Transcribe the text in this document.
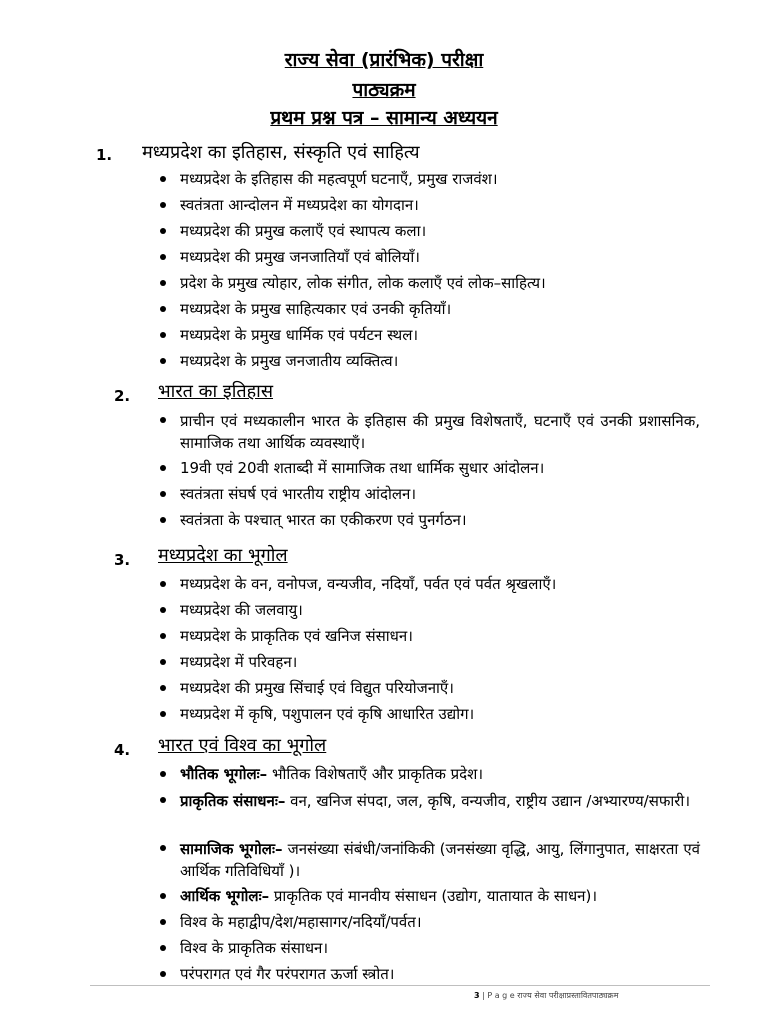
राज्य सेवा (प्रारंभिक) परीक्षा
पाठ्यक्रम
प्रथम प्रश्न पत्र – सामान्य अध्ययन
1. मध्यप्रदेश का इतिहास, संस्कृति एवं साहित्य
मध्यप्रदेश के इतिहास की महत्वपूर्ण घटनाएँ, प्रमुख राजवंश।
स्वतंत्रता आन्दोलन में मध्यप्रदेश का योगदान।
मध्यप्रदेश की प्रमुख कलाएँ एवं स्थापत्य कला।
मध्यप्रदेश की प्रमुख जनजातियाँ एवं बोलियाँ।
प्रदेश के प्रमुख त्योहार, लोक संगीत, लोक कलाएँ एवं लोक–साहित्य।
मध्यप्रदेश के प्रमुख साहित्यकार एवं उनकी कृतियाँ।
मध्यप्रदेश के प्रमुख धार्मिक एवं पर्यटन स्थल।
मध्यप्रदेश के प्रमुख जनजातीय व्यक्तित्व।
2. भारत का इतिहास
प्राचीन एवं मध्यकालीन भारत के इतिहास की प्रमुख विशेषताएँ, घटनाएँ एवं उनकी प्रशासनिक, सामाजिक तथा आर्थिक व्यवस्थाएँ।
19वी एवं 20वी शताब्दी में सामाजिक तथा धार्मिक सुधार आंदोलन।
स्वतंत्रता संघर्ष एवं भारतीय राष्ट्रीय आंदोलन।
स्वतंत्रता के पश्चात् भारत का एकीकरण एवं पुनर्गठन।
3. मध्यप्रदेश का भूगोल
मध्यप्रदेश के वन, वनोपज, वन्यजीव, नदियाँ, पर्वत एवं पर्वत श्रृखलाएँ।
मध्यप्रदेश की जलवायु।
मध्यप्रदेश के प्राकृतिक एवं खनिज संसाधन।
मध्यप्रदेश में परिवहन।
मध्यप्रदेश की प्रमुख सिंचाई एवं विद्युत परियोजनाएँ।
मध्यप्रदेश में कृषि, पशुपालन एवं कृषि आधारित उद्योग।
4. भारत एवं विश्व का भूगोल
भौतिक भूगोलः– भौतिक विशेषताएँ और प्राकृतिक प्रदेश।
प्राकृतिक संसाधनः– वन, खनिज संपदा, जल, कृषि, वन्यजीव, राष्ट्रीय उद्यान /अभ्यारण्य/सफारी।
सामाजिक भूगोलः– जनसंख्या संबंधी/जनांकिकी (जनसंख्या वृद्धि, आयु, लिंगानुपात, साक्षरता एवं आर्थिक गतिविधियाँ )।
आर्थिक भूगोलः– प्राकृतिक एवं मानवीय संसाधन (उद्योग, यातायात के साधन)।
विश्व के महाद्वीप/देश/महासागर/नदियाँ/पर्वत।
विश्व के प्राकृतिक संसाधन।
परंपरागत एवं गैर परंपरागत ऊर्जा स्त्रोत।
3 | P a g e राज्य सेवा परीक्षाप्रस्तावितपाठ्यक्रम
